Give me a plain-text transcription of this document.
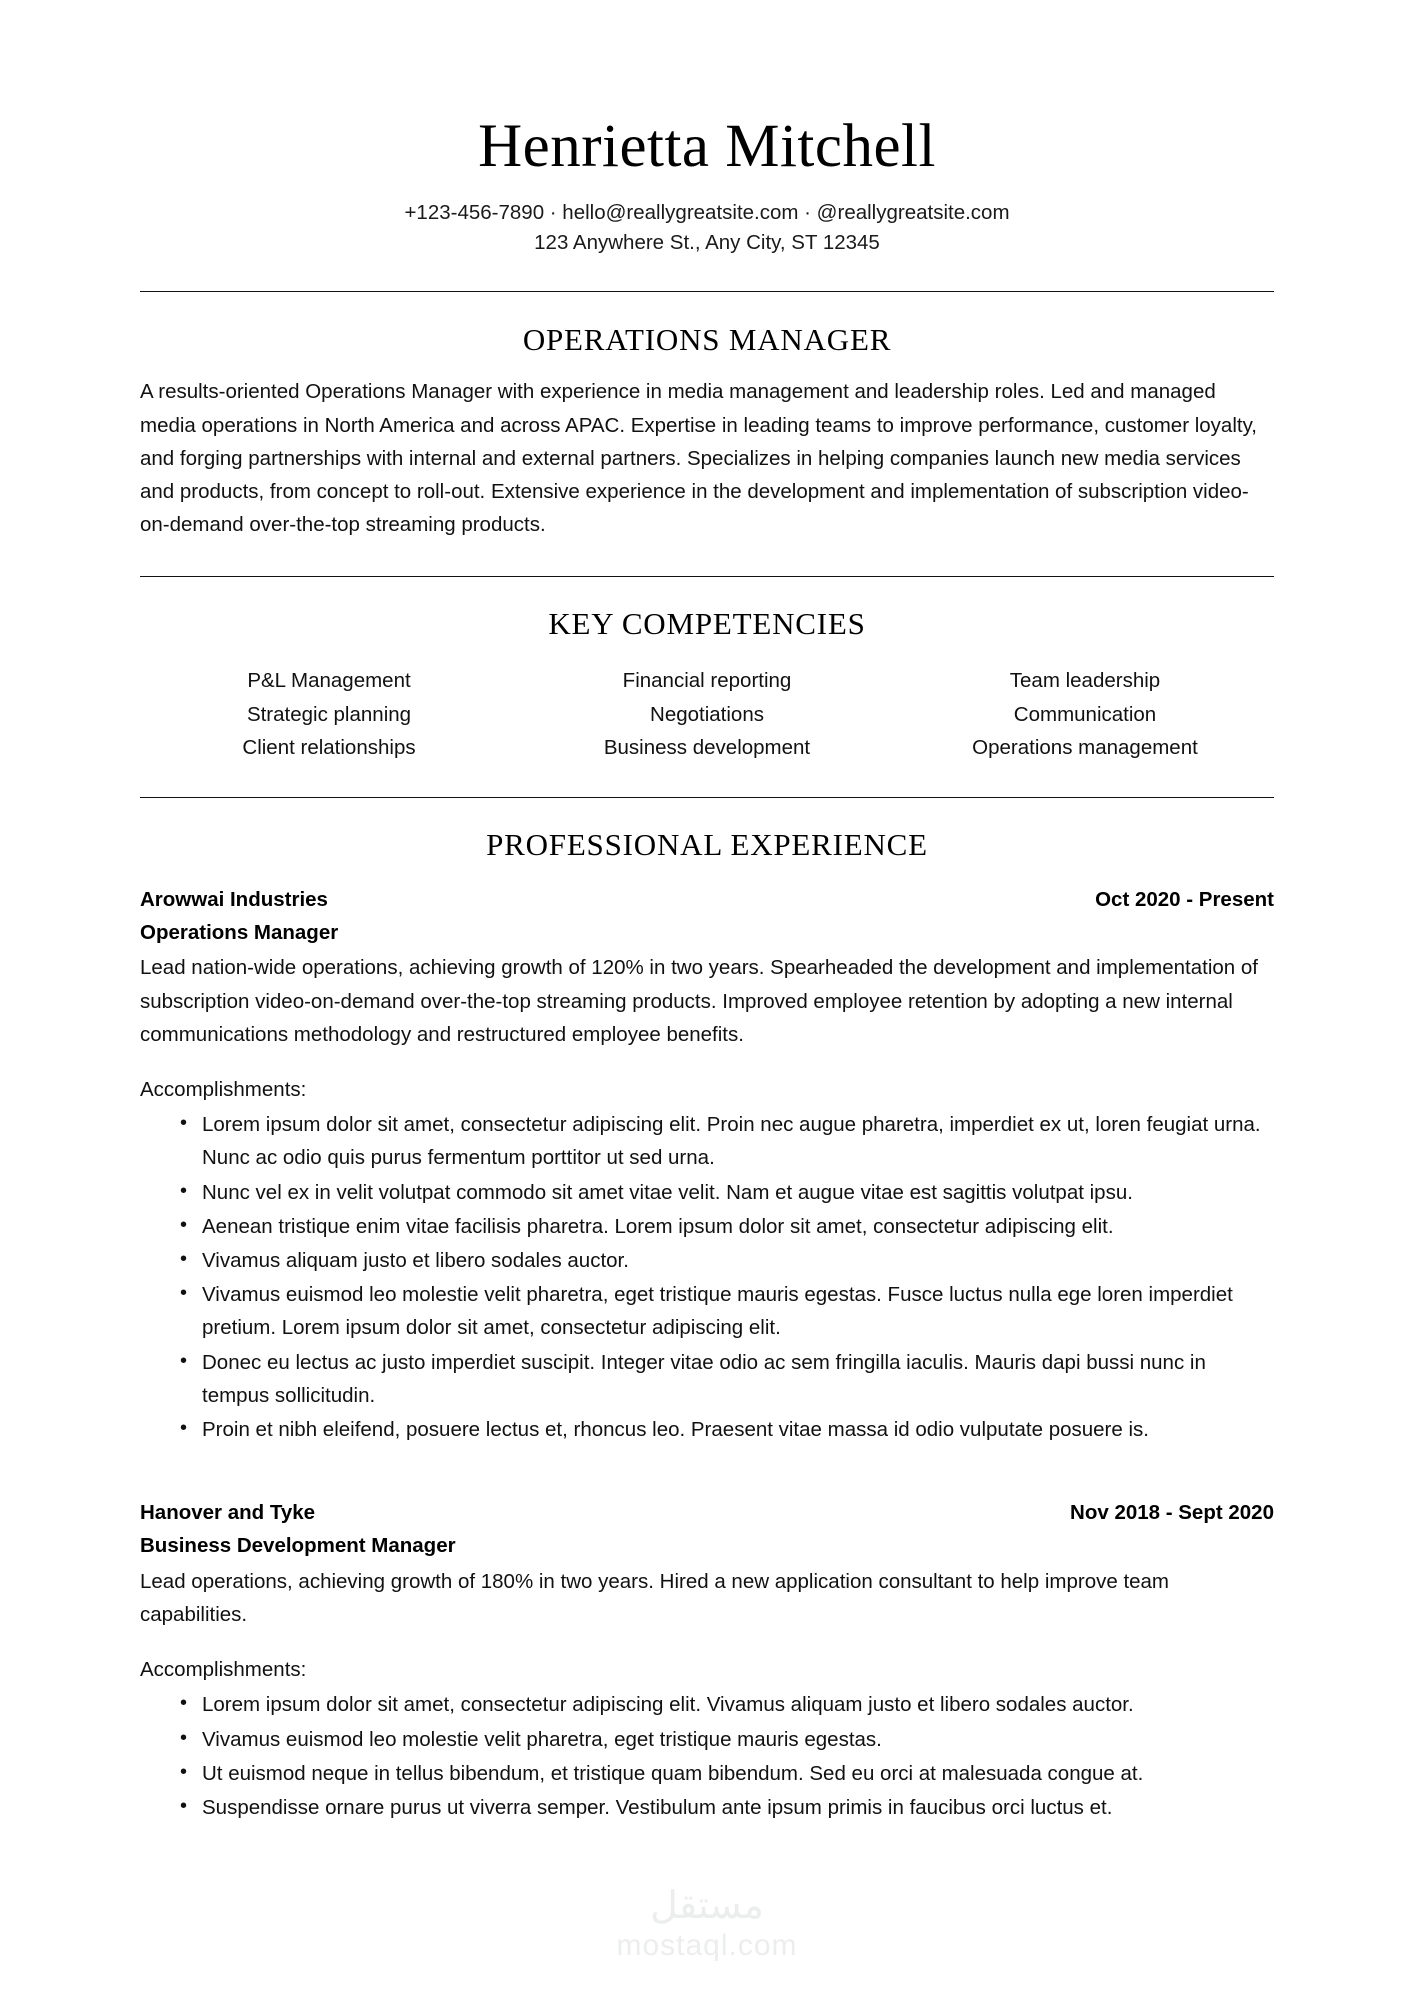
Henrietta Mitchell
+123-456-7890 · hello@reallygreatsite.com · @reallygreatsite.com
123 Anywhere St., Any City, ST 12345
OPERATIONS MANAGER

A results-oriented Operations Manager with experience in media management and leadership roles. Led and managed media operations in North America and across APAC. Expertise in leading teams to improve performance, customer loyalty, and forging partnerships with internal and external partners. Specializes in helping companies launch new media services and products, from concept to roll-out. Extensive experience in the development and implementation of subscription video-on-demand over-the-top streaming products.

KEY COMPETENCIES
P&L Management	Financial reporting	Team leadership
Strategic planning	Negotiations	Communication
Client relationships	Business development	Operations management
PROFESSIONAL EXPERIENCE
Arowwai Industries	Oct 2020 - Present
Operations Manager

Lead nation-wide operations, achieving growth of 120% in two years. Spearheaded the development and implementation of subscription video-on-demand over-the-top streaming products. Improved employee retention by adopting a new internal communications methodology and restructured employee benefits.

Accomplishments:
• Lorem ipsum dolor sit amet, consectetur adipiscing elit. Proin nec augue pharetra, imperdiet ex ut, loren feugiat urna. Nunc ac odio quis purus fermentum porttitor ut sed urna.
• Nunc vel ex in velit volutpat commodo sit amet vitae velit. Nam et augue vitae est sagittis volutpat ipsu.
• Aenean tristique enim vitae facilisis pharetra. Lorem ipsum dolor sit amet, consectetur adipiscing elit.
• Vivamus aliquam justo et libero sodales auctor.
• Vivamus euismod leo molestie velit pharetra, eget tristique mauris egestas. Fusce luctus nulla ege loren imperdiet pretium. Lorem ipsum dolor sit amet, consectetur adipiscing elit.
• Donec eu lectus ac justo imperdiet suscipit. Integer vitae odio ac sem fringilla iaculis. Mauris dapi bussi nunc in tempus sollicitudin.
• Proin et nibh eleifend, posuere lectus et, rhoncus leo. Praesent vitae massa id odio vulputate posuere is.
Hanover and Tyke	Nov 2018 - Sept 2020
Business Development Manager

Lead operations, achieving growth of 180% in two years. Hired a new application consultant to help improve team capabilities.

Accomplishments:
• Lorem ipsum dolor sit amet, consectetur adipiscing elit. Vivamus aliquam justo et libero sodales auctor.
• Vivamus euismod leo molestie velit pharetra, eget tristique mauris egestas.
• Ut euismod neque in tellus bibendum, et tristique quam bibendum. Sed eu orci at malesuada congue at.
• Suspendisse ornare purus ut viverra semper. Vestibulum ante ipsum primis in faucibus orci luctus et.
مستقل
mostaql.com
